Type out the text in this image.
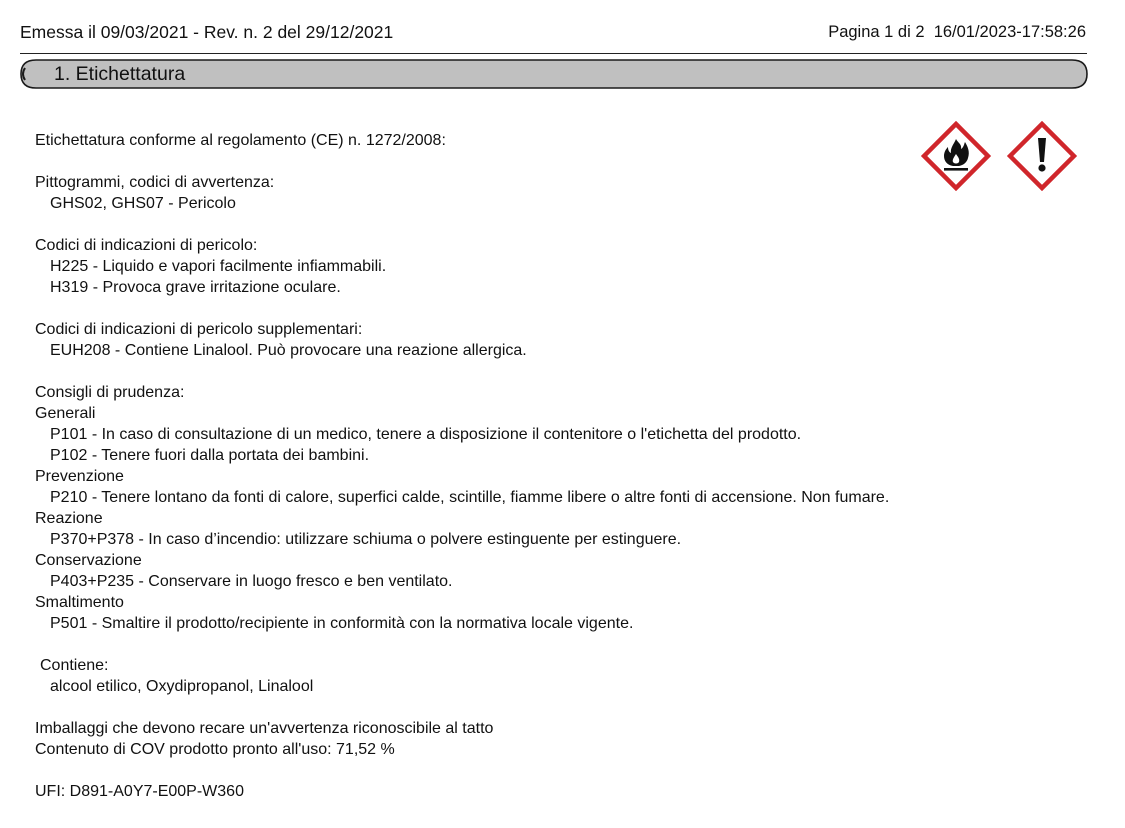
Emessa il 09/03/2021 - Rev. n. 2 del 29/12/2021	Pagina 1 di 2 16/01/2023-17:58:26
1. Etichettatura
Etichettatura conforme al regolamento (CE) n. 1272/2008:
Pittogrammi, codici di avvertenza:
GHS02, GHS07 - Pericolo
Codici di indicazioni di pericolo:
H225 - Liquido e vapori facilmente infiammabili.
H319 - Provoca grave irritazione oculare.
Codici di indicazioni di pericolo supplementari:
EUH208 - Contiene Linalool. Può provocare una reazione allergica.
Consigli di prudenza:
Generali
P101 - In caso di consultazione di un medico, tenere a disposizione il contenitore o l'etichetta del prodotto.
P102 - Tenere fuori dalla portata dei bambini.
Prevenzione
P210 - Tenere lontano da fonti di calore, superfici calde, scintille, fiamme libere o altre fonti di accensione. Non fumare.
Reazione
P370+P378 - In caso d’incendio: utilizzare schiuma o polvere estinguente per estinguere.
Conservazione
P403+P235 - Conservare in luogo fresco e ben ventilato.
Smaltimento
P501 - Smaltire il prodotto/recipiente in conformità con la normativa locale vigente.
Contiene:
alcool etilico, Oxydipropanol, Linalool
Imballaggi che devono recare un'avvertenza riconoscibile al tatto
Contenuto di COV prodotto pronto all'uso: 71,52 %
UFI: D891-A0Y7-E00P-W360
